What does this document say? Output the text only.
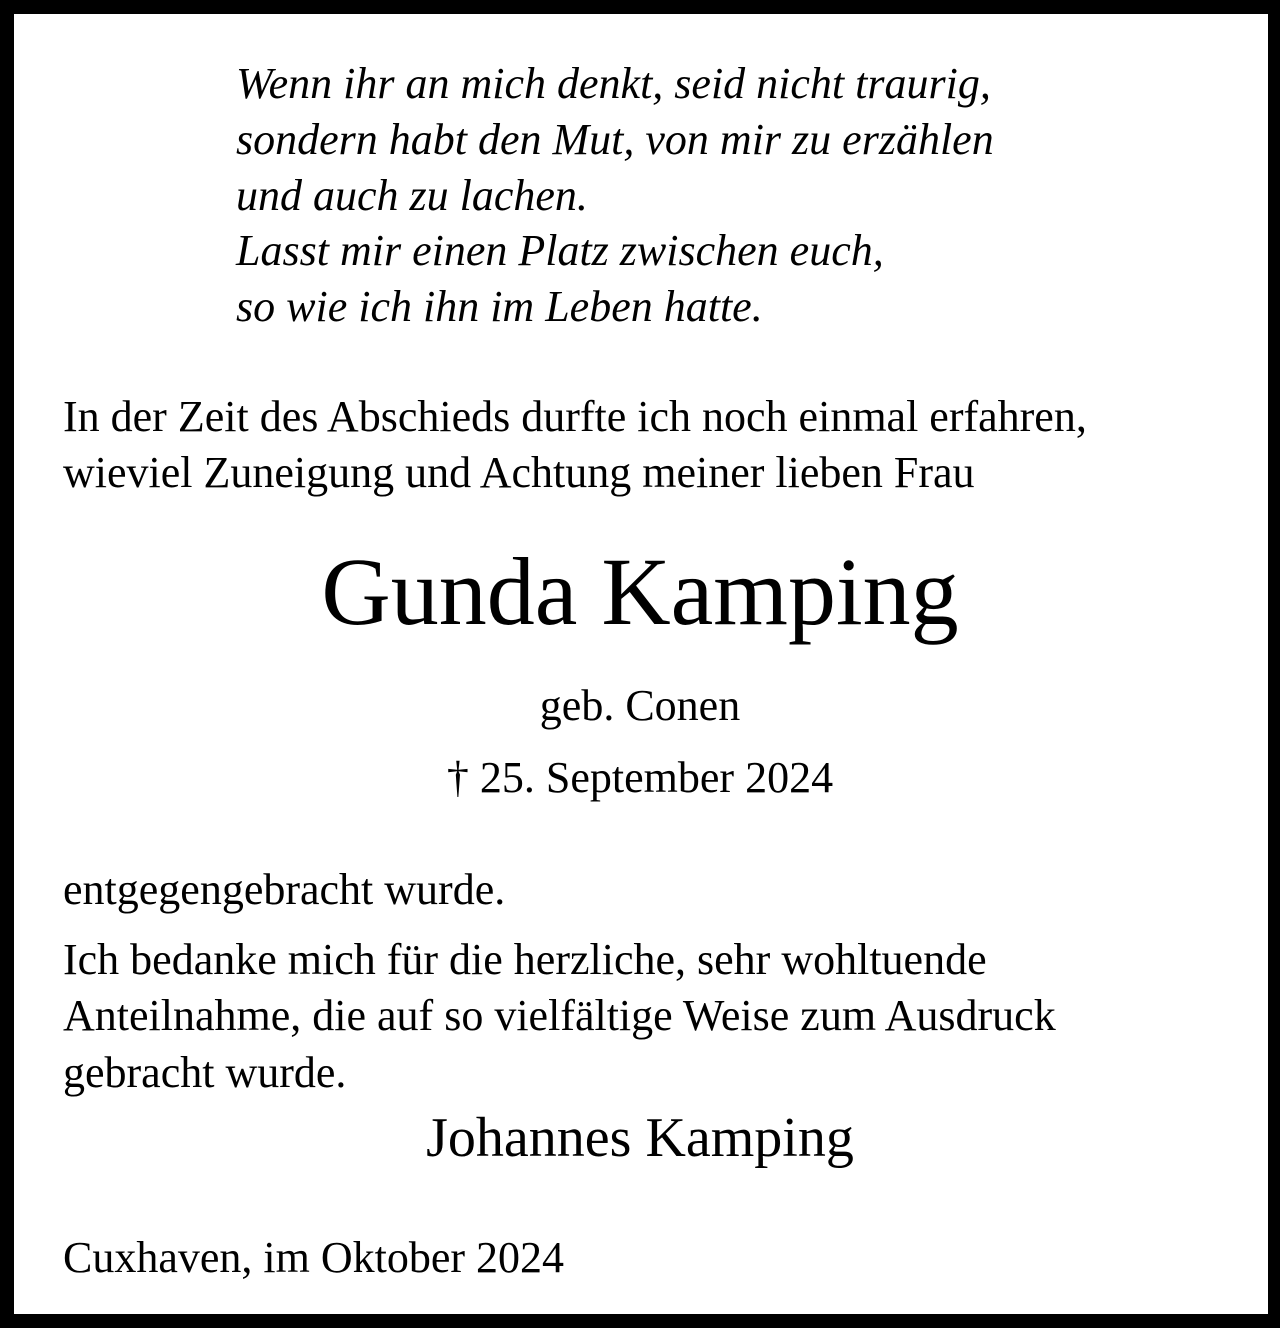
Wenn ihr an mich denkt, seid nicht traurig,
sondern habt den Mut, von mir zu erzählen
und auch zu lachen.
Lasst mir einen Platz zwischen euch,
so wie ich ihn im Leben hatte.
In der Zeit des Abschieds durfte ich noch einmal erfahren,
wieviel Zuneigung und Achtung meiner lieben Frau
Gunda Kamping
geb. Conen
† 25. September 2024
entgegengebracht wurde.
Ich bedanke mich für die herzliche, sehr wohltuende
Anteilnahme, die auf so vielfältige Weise zum Ausdruck
gebracht wurde.
Johannes Kamping
Cuxhaven, im Oktober 2024
